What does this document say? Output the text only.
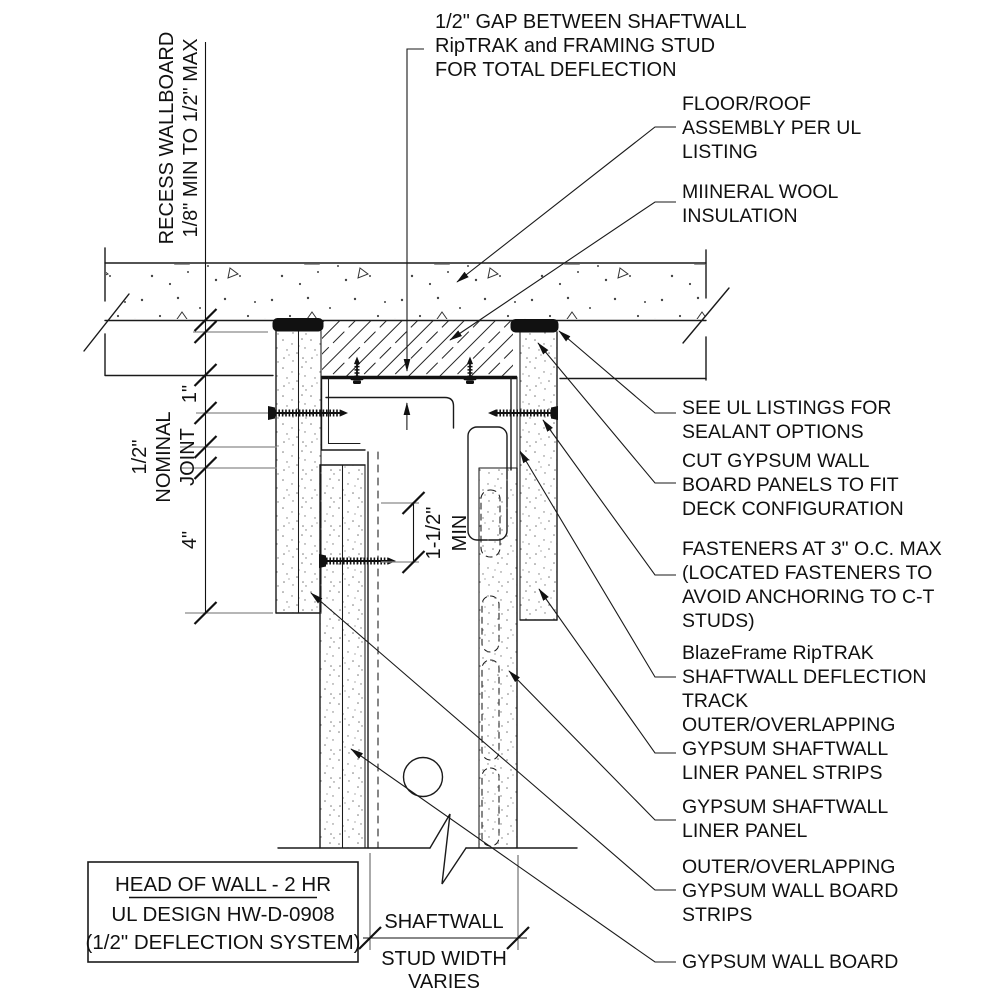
1/2" GAP BETWEEN SHAFTWALL RipTRAK and FRAMING STUD FOR TOTAL DEFLECTION
RECESS WALLBOARD 1/8" MIN TO 1/2" MAX
1"
1/2" NOMINAL JOINT
4"	1-1/2" MIN
SHAFTWALL
STUD WIDTH
VARIES
FLOOR/ROOF ASSEMBLY PER UL LISTING
MIINERAL WOOL INSULATION
SEE UL LISTINGS FOR SEALANT OPTIONS
CUT GYPSUM WALL BOARD PANELS TO FIT DECK CONFIGURATION
FASTENERS AT 3" O.C. MAX (LOCATED FASTENERS TO AVOID ANCHORING TO C-T STUDS)
BlazeFrame RipTRAK SHAFTWALL DEFLECTION TRACK
OUTER/OVERLAPPING GYPSUM SHAFTWALL LINER PANEL STRIPS
GYPSUM SHAFTWALL LINER PANEL
OUTER/OVERLAPPING GYPSUM WALL BOARD STRIPS
GYPSUM WALL BOARD
HEAD OF WALL - 2 HR
UL DESIGN HW-D-0908
(1/2" DEFLECTION SYSTEM)
